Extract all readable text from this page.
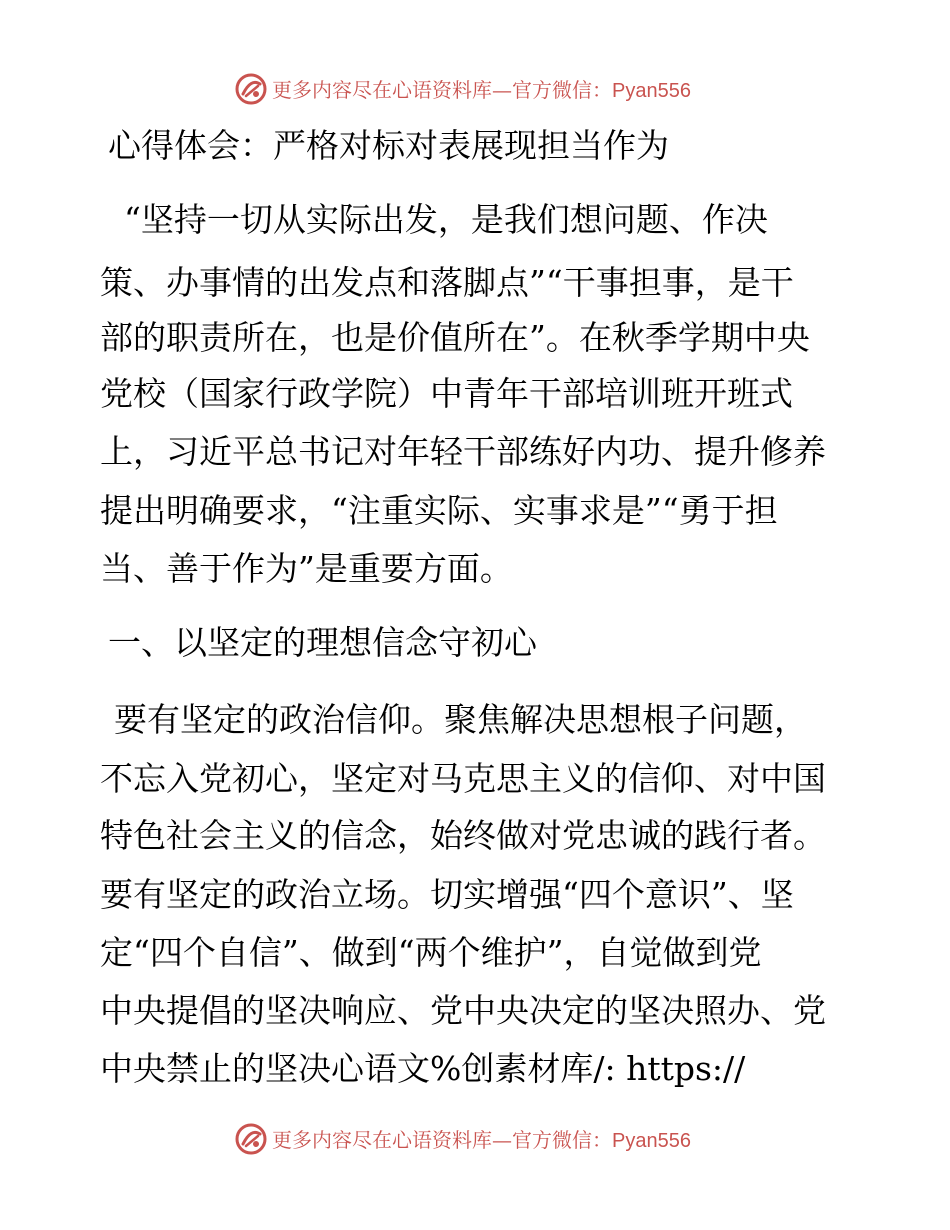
更多内容尽在心语资料库—官方微信：Pyan556
心得体会：严格对标对表展现担当作为

“坚持一切从实际出发，是我们想问题、作决

策、办事情的出发点和落脚点”“干事担事，是干

部的职责所在，也是价值所在”。在秋季学期中央

党校（国家行政学院）中青年干部培训班开班式

上，习近平总书记对年轻干部练好内功、提升修养

提出明确要求，“注重实际、实事求是”“勇于担

当、善于作为”是重要方面。

一、以坚定的理想信念守初心

要有坚定的政治信仰。聚焦解决思想根子问题，

不忘入党初心，坚定对马克思主义的信仰、对中国

特色社会主义的信念，始终做对党忠诚的践行者。

要有坚定的政治立场。切实增强“四个意识”、坚

定“四个自信”、做到“两个维护”，自觉做到党

中央提倡的坚决响应、党中央决定的坚决照办、党

中央禁止的坚决心语文%创素材库/: https://

更多内容尽在心语资料库—官方微信：Pyan556
